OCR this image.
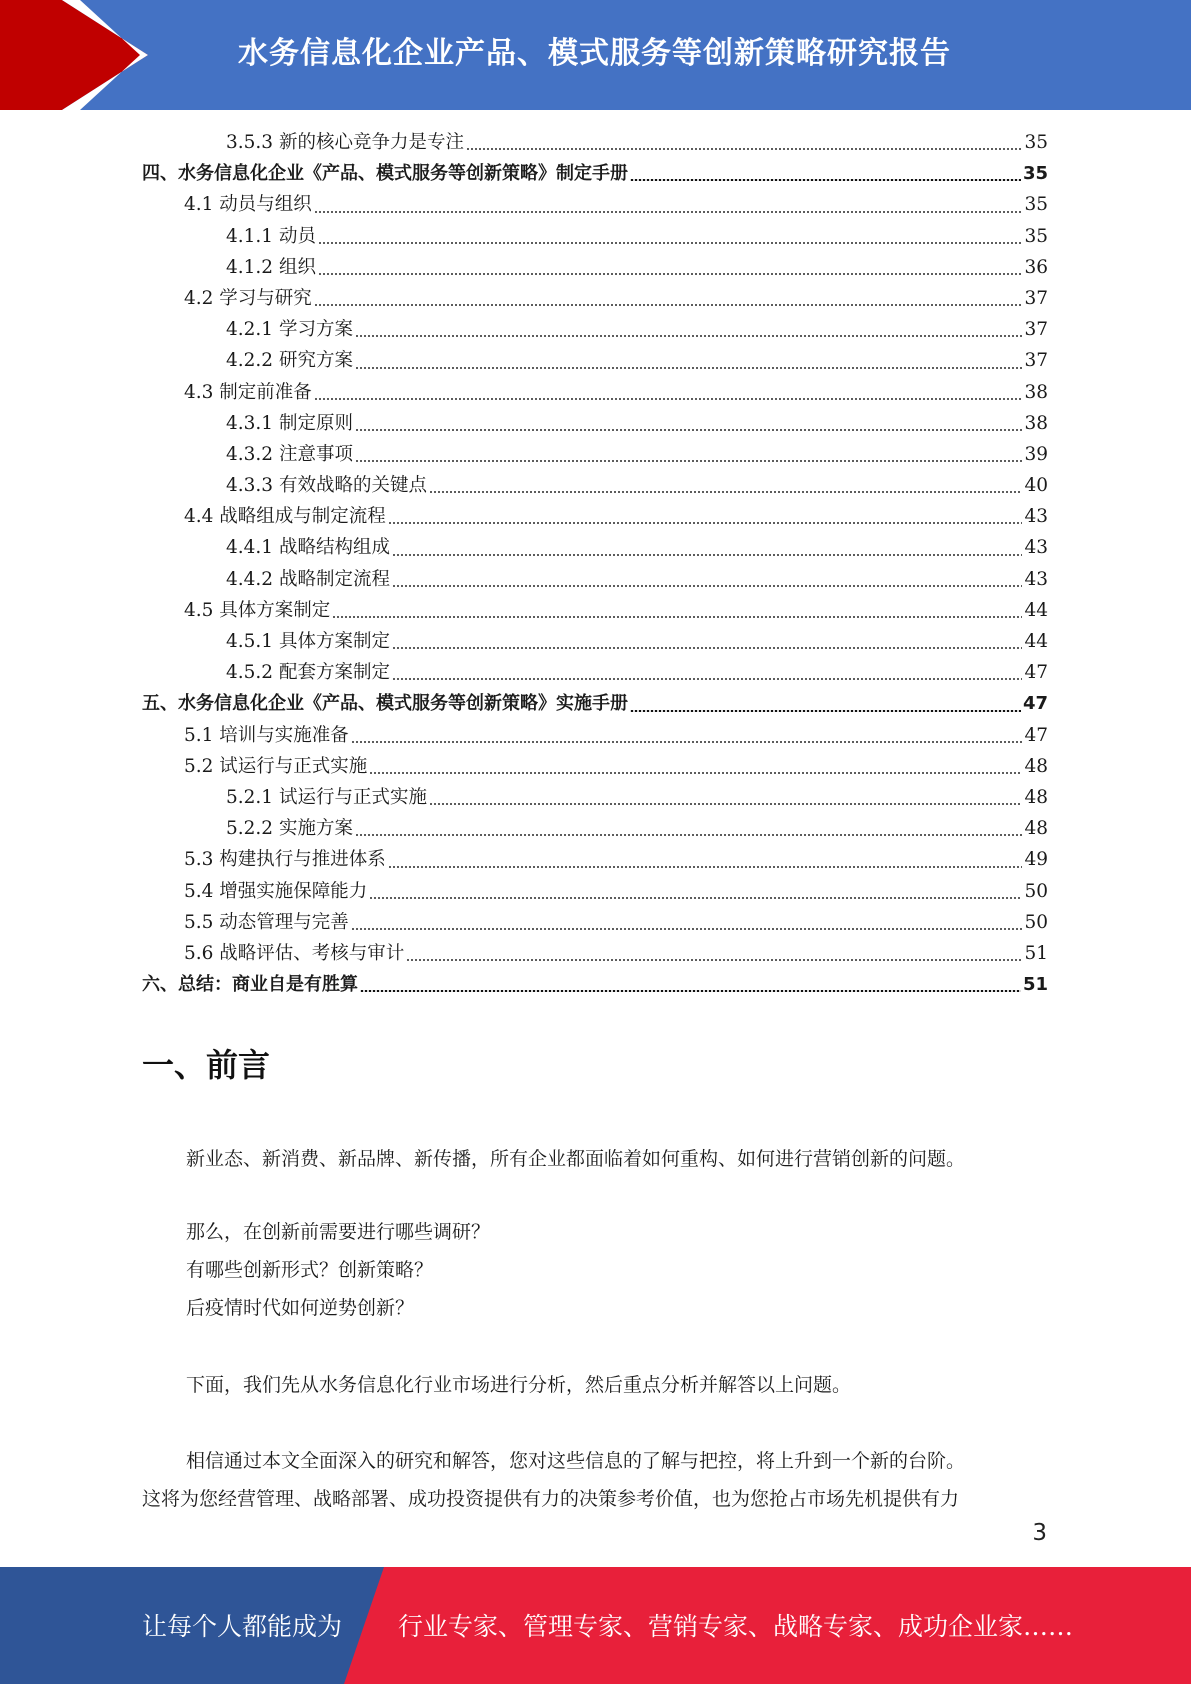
水务信息化企业产品、模式服务等创新策略研究报告
3.5.3 新的核心竞争力是专注	35
四、水务信息化企业《产品、模式服务等创新策略》制定手册	35
4.1 动员与组织	35
4.1.1 动员	35
4.1.2 组织	36
4.2 学习与研究	37
4.2.1 学习方案	37
4.2.2 研究方案	37
4.3 制定前准备	38
4.3.1 制定原则	38
4.3.2 注意事项	39
4.3.3 有效战略的关键点	40
4.4 战略组成与制定流程	43
4.4.1 战略结构组成	43
4.4.2 战略制定流程	43
4.5 具体方案制定	44
4.5.1 具体方案制定	44
4.5.2 配套方案制定	47
五、水务信息化企业《产品、模式服务等创新策略》实施手册	47
5.1 培训与实施准备	47
5.2 试运行与正式实施	48
5.2.1 试运行与正式实施	48
5.2.2 实施方案	48
5.3 构建执行与推进体系	49
5.4 增强实施保障能力	50
5.5 动态管理与完善	50
5.6 战略评估、考核与审计	51
六、总结：商业自是有胜算	51
一、前言
新业态、新消费、新品牌、新传播，所有企业都面临着如何重构、如何进行营销创新的问题。
那么，在创新前需要进行哪些调研？
有哪些创新形式？创新策略？
后疫情时代如何逆势创新？
下面，我们先从水务信息化行业市场进行分析，然后重点分析并解答以上问题。
相信通过本文全面深入的研究和解答，您对这些信息的了解与把控，将上升到一个新的台阶。
这将为您经营管理、战略部署、成功投资提供有力的决策参考价值，也为您抢占市场先机提供有力
3
让每个人都能成为 行业专家、管理专家、营销专家、战略专家、成功企业家……
